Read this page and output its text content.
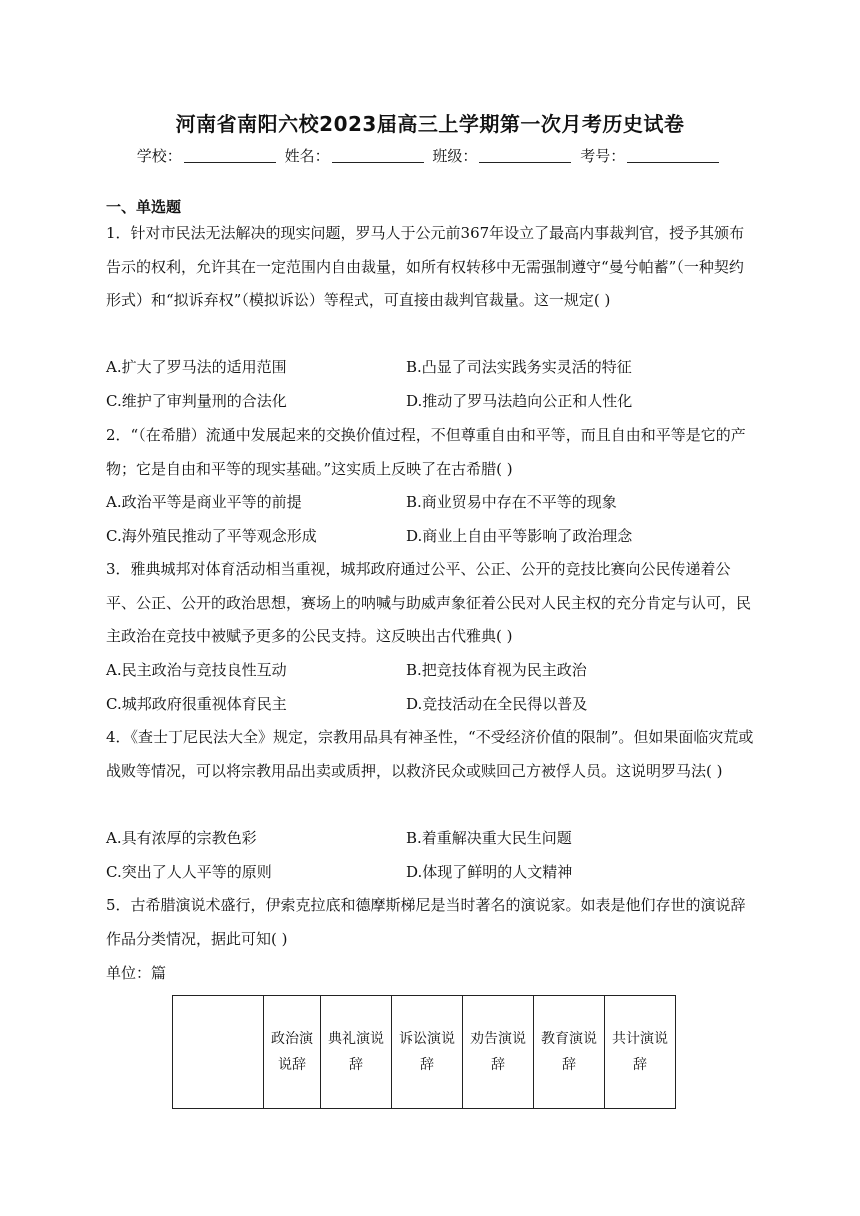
河南省南阳六校2023届高三上学期第一次月考历史试卷
学校：	姓名：	班级：	考号：
一、单选题
1．针对市民法无法解决的现实问题，罗马人于公元前367年设立了最高内事裁判官，授予其颁布告示的权利，允许其在一定范围内自由裁量，如所有权转移中无需强制遵守“曼兮帕蓄”（一种契约形式）和“拟诉弃权”（模拟诉讼）等程式，可直接由裁判官裁量。这一规定( )
A.扩大了罗马法的适用范围	B.凸显了司法实践务实灵活的特征
C.维护了审判量刑的合法化	D.推动了罗马法趋向公正和人性化
2．“（在希腊）流通中发展起来的交换价值过程，不但尊重自由和平等，而且自由和平等是它的产物；它是自由和平等的现实基础。”这实质上反映了在古希腊( )
A.政治平等是商业平等的前提	B.商业贸易中存在不平等的现象
C.海外殖民推动了平等观念形成	D.商业上自由平等影响了政治理念
3．雅典城邦对体育活动相当重视，城邦政府通过公平、公正、公开的竞技比赛向公民传递着公平、公正、公开的政治思想，赛场上的呐喊与助威声象征着公民对人民主权的充分肯定与认可，民主政治在竞技中被赋予更多的公民支持。这反映出古代雅典( )
A.民主政治与竞技良性互动	B.把竞技体育视为民主政治
C.城邦政府很重视体育民主	D.竞技活动在全民得以普及
4．《查士丁尼民法大全》规定，宗教用品具有神圣性，“不受经济价值的限制”。但如果面临灾荒或战败等情况，可以将宗教用品出卖或质押，以救济民众或赎回己方被俘人员。这说明罗马法( )
A.具有浓厚的宗教色彩	B.着重解决重大民生问题
C.突出了人人平等的原则	D.体现了鲜明的人文精神
5．古希腊演说术盛行，伊索克拉底和德摩斯梯尼是当时著名的演说家。如表是他们存世的演说辞作品分类情况，据此可知( )
单位：篇
	政治演说辞	典礼演说辞	诉讼演说辞	劝告演说辞	教育演说辞	共计演说辞
